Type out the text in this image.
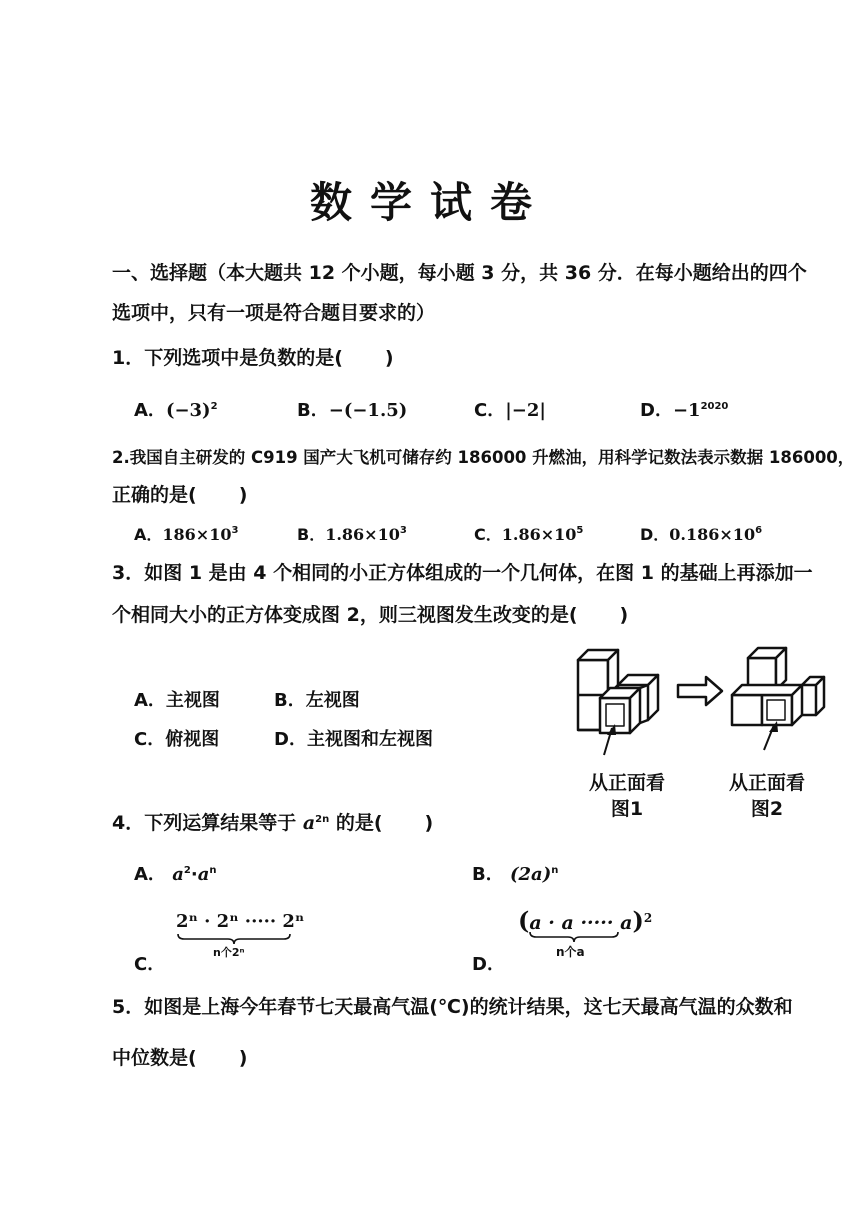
数学试卷
一、选择题（本大题共 12 个小题，每小题 3 分，共 36 分．在每小题给出的四个
选项中，只有一项是符合题目要求的）
1．下列选项中是负数的是( )
A．$(-3)^2$	B．−(−1.5)	C．|−2|	D．$-1^{2020}$
2.我国自主研发的 C919 国产大飞机可储存约 186000 升燃油，用科学记数法表示数据 186000，
正确的是( )
A．$186\times 10^3$	B．$1.86\times 10^3$	C．$1.86\times 10^5$	D．$0.186\times 10^6$
3．如图 1 是由 4 个相同的小正方体组成的一个几何体，在图 1 的基础上再添加一
个相同大小的正方体变成图 2，则三视图发生改变的是( )
A．主视图	B．左视图
C．俯视图	D．主视图和左视图
从正面看
图1
从正面看
图2
4．下列运算结果等于 $a^{2n}$ 的是( )
A． $a^2\cdot a^n$	B． $(2a)^n$
C．
2ⁿ · 2ⁿ ····· 2ⁿ
n个2ⁿ
D．
(a · a ····· a)$^2$
n个a
5．如图是上海今年春节七天最高气温(℃)的统计结果，这七天最高气温的众数和
中位数是( )
